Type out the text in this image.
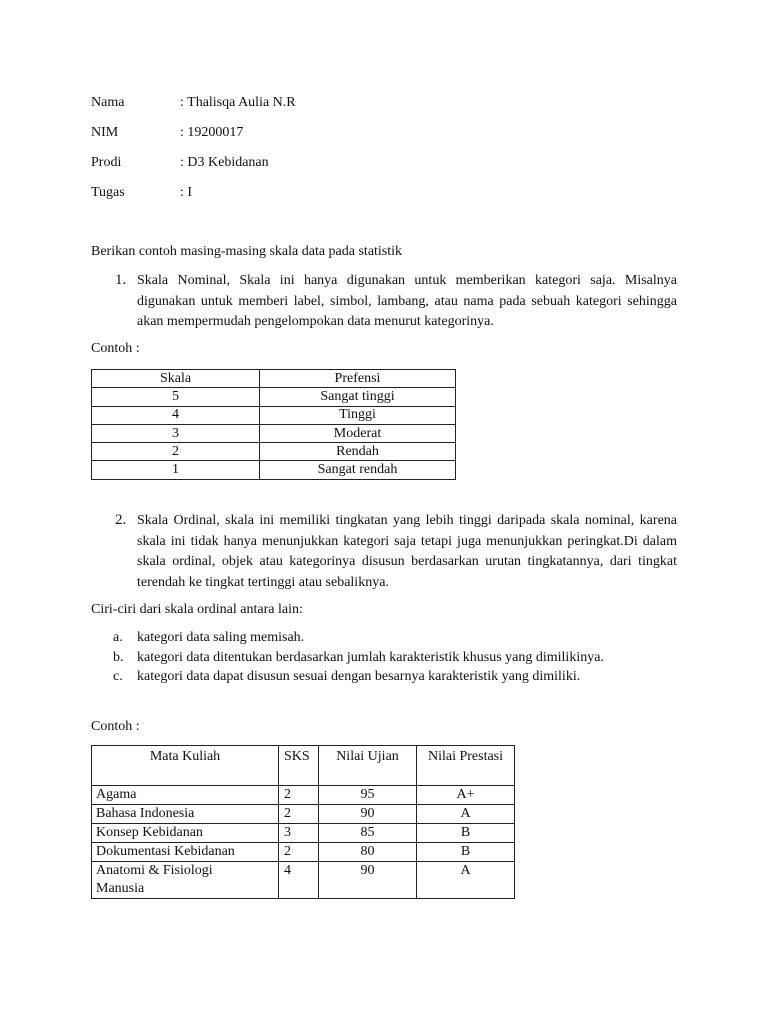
Nama	: Thalisqa Aulia N.R
NIM	: 19200017
Prodi	: D3 Kebidanan
Tugas	: I
Berikan contoh masing-masing skala data pada statistik
1. Skala Nominal, Skala ini hanya digunakan untuk memberikan kategori saja. Misalnya digunakan untuk memberi label, simbol, lambang, atau nama pada sebuah kategori sehingga akan mempermudah pengelompokan data menurut kategorinya.
Contoh :
Skala	Prefensi
5	Sangat tinggi
4	Tinggi
3	Moderat
2	Rendah
1	Sangat rendah
2. Skala Ordinal, skala ini memiliki tingkatan yang lebih tinggi daripada skala nominal, karena skala ini tidak hanya menunjukkan kategori saja tetapi juga menunjukkan peringkat.Di dalam skala ordinal, objek atau kategorinya disusun berdasarkan urutan tingkatannya, dari tingkat terendah ke tingkat tertinggi atau sebaliknya.
Ciri-ciri dari skala ordinal antara lain:
a. kategori data saling memisah.
b. kategori data ditentukan berdasarkan jumlah karakteristik khusus yang dimilikinya.
c. kategori data dapat disusun sesuai dengan besarnya karakteristik yang dimiliki.
Contoh :
Mata Kuliah	SKS	Nilai Ujian	Nilai Prestasi
Agama	2	95	A+
Bahasa Indonesia	2	90	A
Konsep Kebidanan	3	85	B
Dokumentasi Kebidanan	2	80	B
Anatomi & Fisiologi Manusia	4	90	A
